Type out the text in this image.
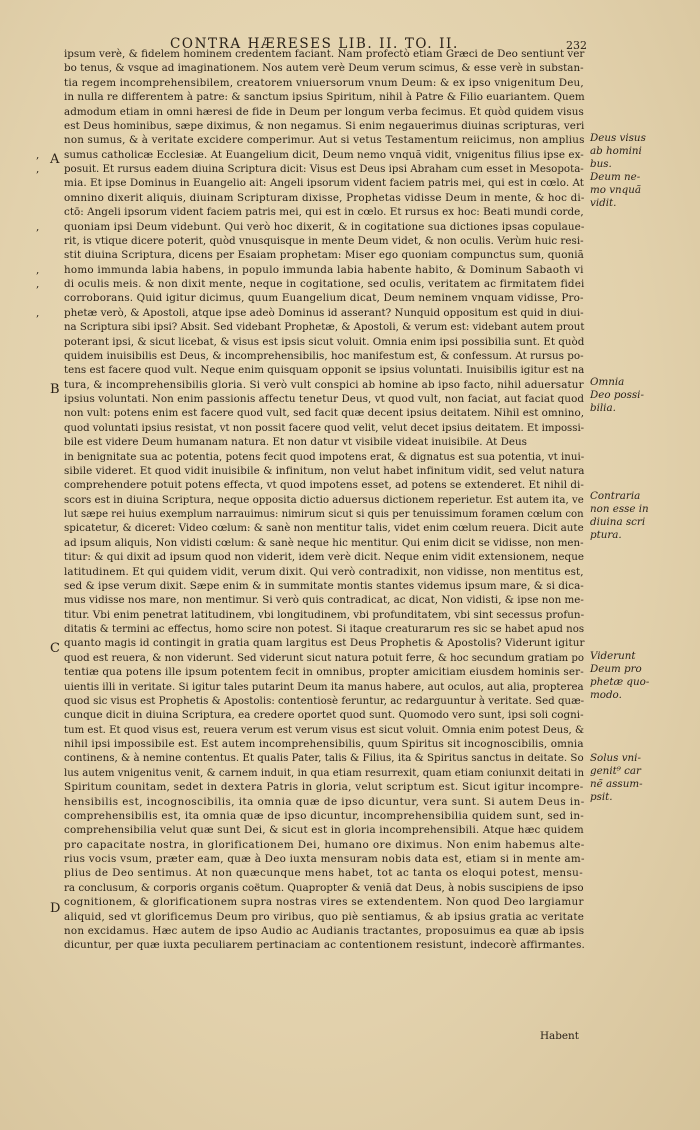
CONTRA HÆRESES LIB. II. TO. II.	232
,
,
,
,
,
,
A
B
C
D
ipsum verè, & fidelem hominem credentem faciant. Nam profectò etiam Græci de Deo sentiunt ver
bo tenus, & vsque ad imaginationem. Nos autem verè Deum verum scimus, & esse verè in substan-
tia regem incomprehensibilem, creatorem vniuersorum vnum Deum: & ex ipso vnigenitum Deu,
in nulla re differentem à patre: & sanctum ipsius Spiritum, nihil à Patre & Filio euariantem. Quem
admodum etiam in omni hæresi de fide in Deum per longum verba fecimus. Et quòd quidem visus
est Deus hominibus, sæpe diximus, & non negamus. Si enim negauerimus diuinas scripturas, veri
non sumus, & à veritate excidere comperimur. Aut si vetus Testamentum reiicimus, non amplius
sumus catholicæ Ecclesiæ. At Euangelium dicit, Deum nemo vnquã vidit, vnigenitus filius ipse ex-
posuit. Et rursus eadem diuina Scriptura dicit: Visus est Deus ipsi Abraham cum esset in Mesopota-
mia. Et ipse Dominus in Euangelio ait: Angeli ipsorum vident faciem patris mei, qui est in cœlo. At
omnino dixerit aliquis, diuinam Scripturam dixisse, Prophetas vidisse Deum in mente, & hoc di-
ctō: Angeli ipsorum vident faciem patris mei, qui est in cœlo. Et rursus ex hoc: Beati mundi corde,
quoniam ipsi Deum videbunt. Qui verò hoc dixerit, & in cogitatione sua dictiones ipsas copulaue-
rit, is vtique dicere poterit, quòd vnusquisque in mente Deum videt, & non oculis. Verùm huic resi-
stit diuina Scriptura, dicens per Esaiam prophetam: Miser ego quoniam compunctus sum, quoniã
homo immunda labia habens, in populo immunda labia habente habito, & Dominum Sabaoth vi
di oculis meis. & non dixit mente, neque in cogitatione, sed oculis, veritatem ac firmitatem fidei
corroborans. Quid igitur dicimus, quum Euangelium dicat, Deum neminem vnquam vidisse, Pro-
phetæ verò, & Apostoli, atque ipse adeò Dominus id asserant? Nunquid oppositum est quid in diui-
na Scriptura sibi ipsi? Absit. Sed videbant Prophetæ, & Apostoli, & verum est: videbant autem prout
poterant ipsi, & sicut licebat, & visus est ipsis sicut voluit. Omnia enim ipsi possibilia sunt. Et quòd
quidem inuisibilis est Deus, & incomprehensibilis, hoc manifestum est, & confessum. At rursus po-
tens est facere quod vult. Neque enim quisquam opponit se ipsius voluntati. Inuisibilis igitur est na
tura, & incomprehensibilis gloria. Si verò vult conspici ab homine ab ipso facto, nihil aduersatur
ipsius voluntati. Non enim passionis affectu tenetur Deus, vt quod vult, non faciat, aut faciat quod
non vult: potens enim est facere quod vult, sed facit quæ decent ipsius deitatem. Nihil est omnino,
quod voluntati ipsius resistat, vt non possit facere quod velit, velut decet ipsius deitatem. Et impossi-
bile est videre Deum humanam natura. Et non datur vt visibile videat inuisibile. At Deus
in benignitate sua ac potentia, potens fecit quod impotens erat, & dignatus est sua potentia, vt inui-
sibile videret. Et quod vidit inuisibile & infinitum, non velut habet infinitum vidit, sed velut natura
comprehendere potuit potens effecta, vt quod impotens esset, ad potens se extenderet. Et nihil di-
scors est in diuina Scriptura, neque opposita dictio aduersus dictionem reperietur. Est autem ita, ve
lut sæpe rei huius exemplum narrauimus: nimirum sicut si quis per tenuissimum foramen cœlum con
spicatetur, & diceret: Video cœlum: & sanè non mentitur talis, videt enim cœlum reuera. Dicit aute
ad ipsum aliquis, Non vidisti cœlum: & sanè neque hic mentitur. Qui enim dicit se vidisse, non men-
titur: & qui dixit ad ipsum quod non viderit, idem verè dicit. Neque enim vidit extensionem, neque
latitudinem. Et qui quidem vidit, verum dixit. Qui verò contradixit, non vidisse, non mentitus est,
sed & ipse verum dixit. Sæpe enim & in summitate montis stantes videmus ipsum mare, & si dica-
mus vidisse nos mare, non mentimur. Si verò quis contradicat, ac dicat, Non vidisti, & ipse non me-
titur. Vbi enim penetrat latitudinem, vbi longitudinem, vbi profunditatem, vbi sint secessus profun-
ditatis & termini ac effectus, homo scire non potest. Si itaque creaturarum res sic se habet apud nos
quanto magis id contingit in gratia quam largitus est Deus Prophetis & Apostolis? Viderunt igitur
quod est reuera, & non viderunt. Sed viderunt sicut natura potuit ferre, & hoc secundum gratiam po
tentiæ qua potens ille ipsum potentem fecit in omnibus, propter amicitiam eiusdem hominis ser-
uientis illi in veritate. Si igitur tales putarint Deum ita manus habere, aut oculos, aut alia, propterea
quod sic visus est Prophetis & Apostolis: contentiosè feruntur, ac redarguuntur à veritate. Sed quæ-
cunque dicit in diuina Scriptura, ea credere oportet quod sunt. Quomodo vero sunt, ipsi soli cogni-
tum est. Et quod visus est, reuera verum est verum visus est sicut voluit. Omnia enim potest Deus, &
nihil ipsi impossibile est. Est autem incomprehensibilis, quum Spiritus sit incognoscibilis, omnia
continens, & à nemine contentus. Et qualis Pater, talis & Filius, ita & Spiritus sanctus in deitate. So
lus autem vnigenitus venit, & carnem induit, in qua etiam resurrexit, quam etiam coniunxit deitati in
Spiritum counitam, sedet in dextera Patris in gloria, velut scriptum est. Sicut igitur incompre-
hensibilis est, incognoscibilis, ita omnia quæ de ipso dicuntur, vera sunt. Si autem Deus in-
comprehensibilis est, ita omnia quæ de ipso dicuntur, incomprehensibilia quidem sunt, sed in-
comprehensibilia velut quæ sunt Dei, & sicut est in gloria incomprehensibili. Atque hæc quidem
pro capacitate nostra, in glorificationem Dei, humano ore diximus. Non enim habemus alte-
rius vocis vsum, præter eam, quæ à Deo iuxta mensuram nobis data est, etiam si in mente am-
plius de Deo sentimus. At non quæcunque mens habet, tot ac tanta os eloqui potest, mensu-
ra conclusum, & corporis organis coëtum. Quapropter & veniã dat Deus, à nobis suscipiens de ipso
cognitionem, & glorificationem supra nostras vires se extendentem. Non quod Deo largiamur
aliquid, sed vt glorificemus Deum pro viribus, quo piè sentiamus, & ab ipsius gratia ac veritate
non excidamus. Hæc autem de ipso Audio ac Audianis tractantes, proposuimus ea quæ ab ipsis
dicuntur, per quæ iuxta peculiarem pertinaciam ac contentionem resistunt, indecorè affirmantes.
Deus visus
ab homini
bus.
Deum ne-
mo vnquã
vidit.
Omnia
Deo possi-
bilia.
Contraria
non esse in
diuina scri
ptura.
Viderunt
Deum pro
phetæ quo-
modo.
Solus vni-
genit⁹ car
nẽ assum-
psit.
Habent
